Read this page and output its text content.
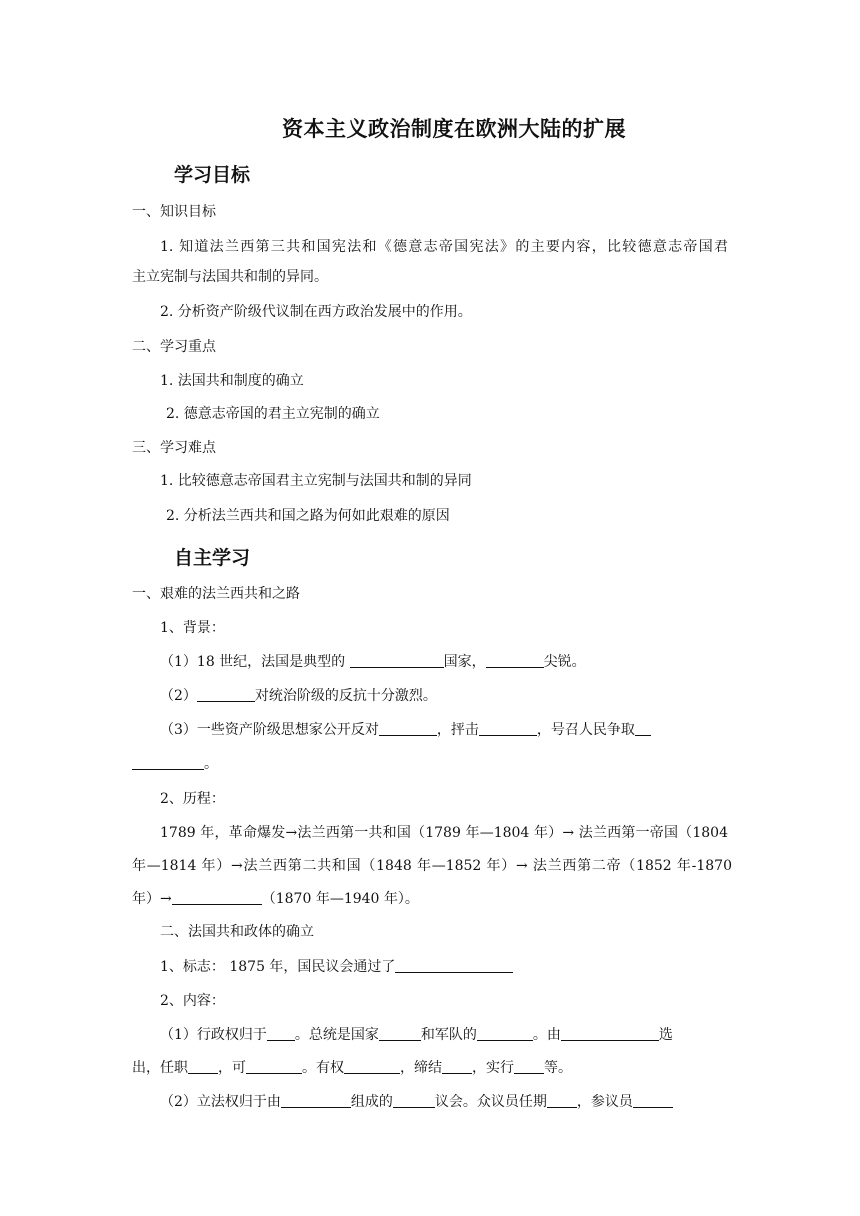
资本主义政治制度在欧洲大陆的扩展
学习目标
一、知识目标
1. 知道法兰西第三共和国宪法和《德意志帝国宪法》的主要内容，比较德意志帝国君
主立宪制与法国共和制的异同。
2. 分析资产阶级代议制在西方政治发展中的作用。
二、学习重点
1. 法国共和制度的确立
2. 德意志帝国的君主立宪制的确立
三、学习难点
1. 比较德意志帝国君主立宪制与法国共和制的异同
2. 分析法兰西共和国之路为何如此艰难的原因
自主学习
一、艰难的法兰西共和之路
1、背景：
（1）18 世纪，法国是典型的	国家，	尖锐。
（2）	对统治阶级的反抗十分激烈。
（3）一些资产阶级思想家公开反对	，抨击	，号召人民争取
。
2、历程：
1789 年，革命爆发→法兰西第一共和国（1789 年—1804 年）→ 法兰西第一帝国（1804
年—1814 年）→法兰西第二共和国（1848 年—1852 年）→ 法兰西第二帝（1852 年-1870
年）→	（1870 年—1940 年）。
二、法国共和政体的确立
1、标志： 1875 年，国民议会通过了
2、内容：
（1）行政权归于 。总统是国家	和军队的	。由	选
出，任职 ，可	。有权	，缔结 ，实行 等。
（2）立法权归于由	组成的	议会。众议员任期 ，参议员
